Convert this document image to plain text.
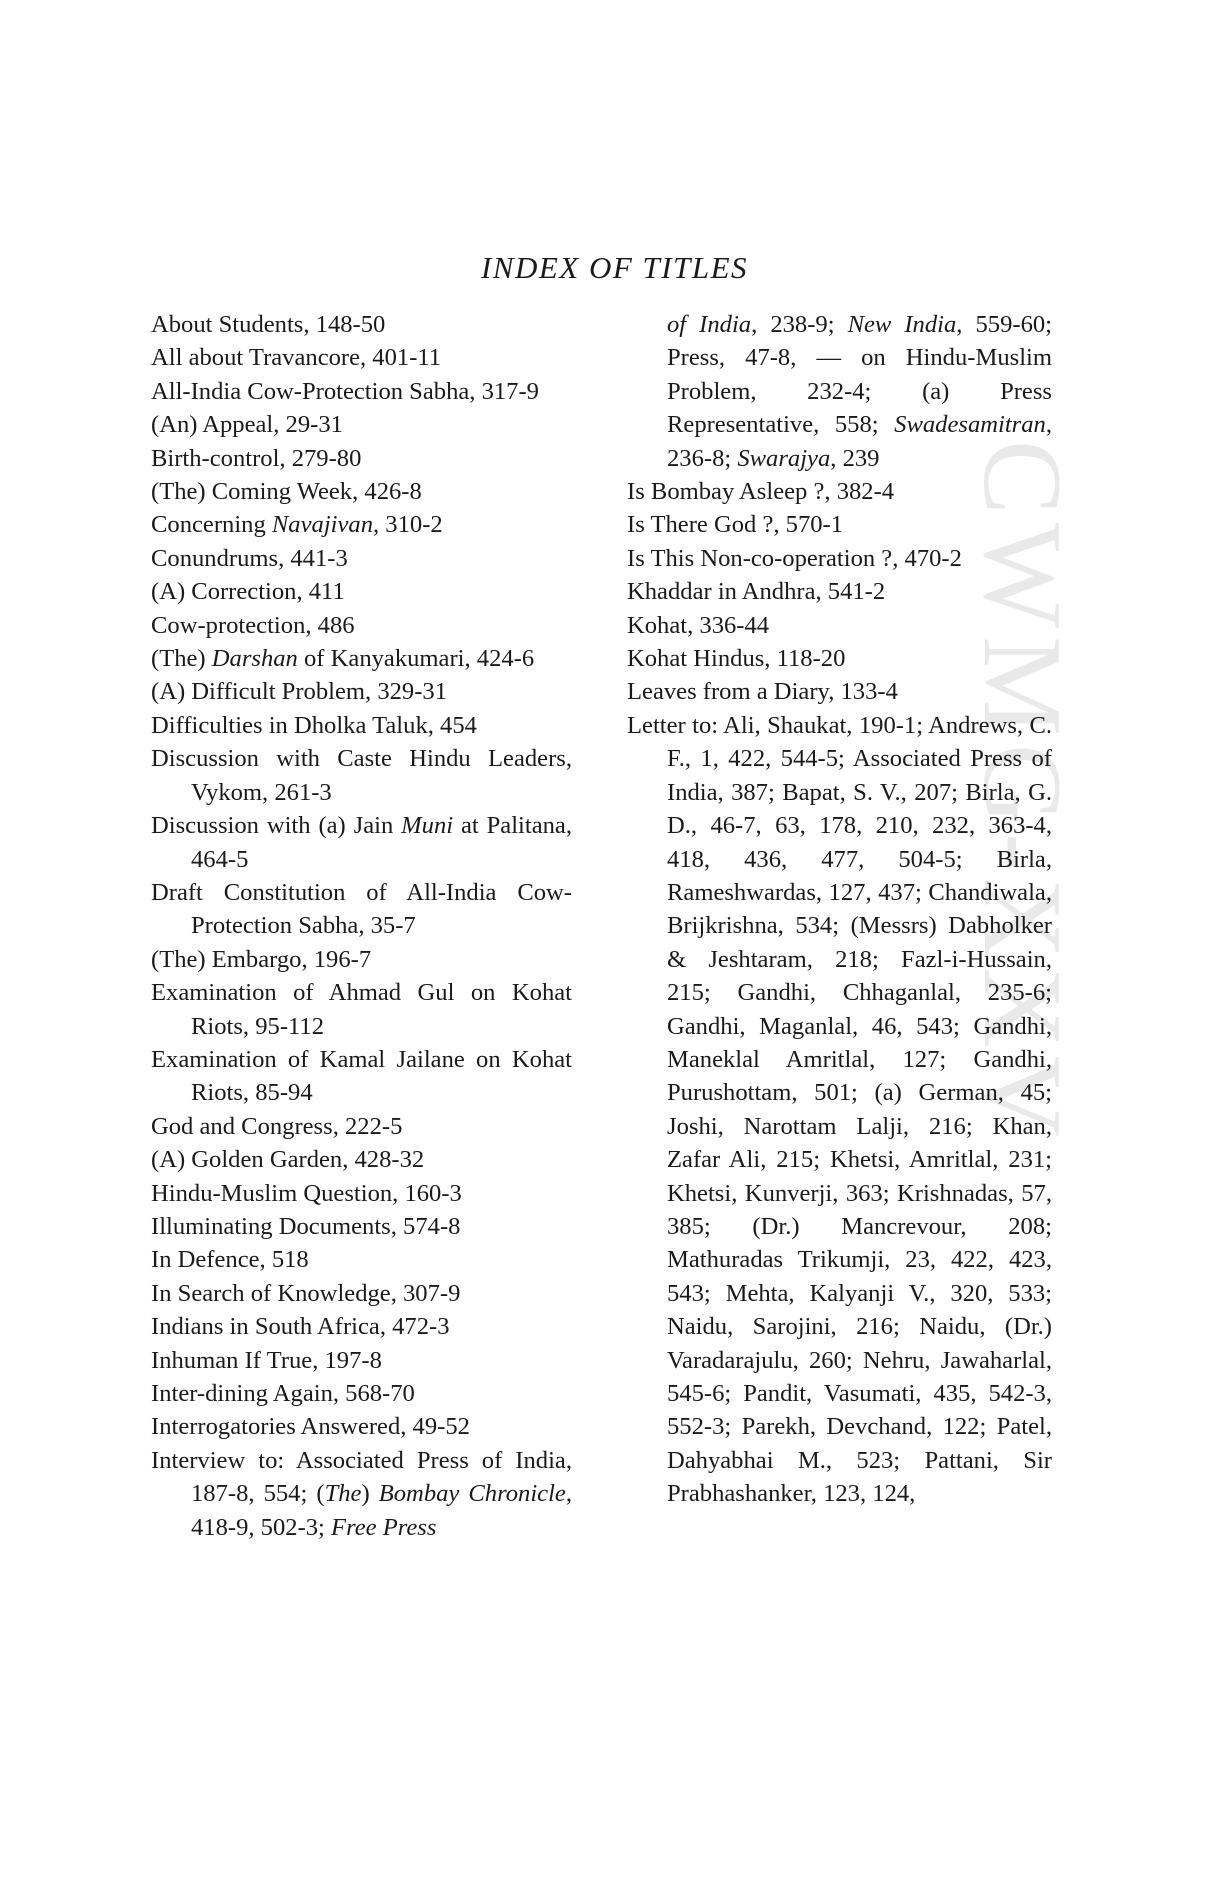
CWMG-XXV
INDEX OF TITLES

About Students, 148-50

All about Travancore, 401-11

All-India Cow-Protection Sabha, 317-9

(An) Appeal, 29-31

Birth-control, 279-80

(The) Coming Week, 426-8

Concerning Navajivan, 310-2

Conundrums, 441-3

(A) Correction, 411

Cow-protection, 486

(The) Darshan of Kanyakumari, 424-6

(A) Difficult Problem, 329-31

Difficulties in Dholka Taluk, 454

Discussion with Caste Hindu Leaders, Vykom, 261-3

Discussion with (a) Jain Muni at Palitana, 464-5

Draft Constitution of All-India Cow-Protection Sabha, 35-7

(The) Embargo, 196-7

Examination of Ahmad Gul on Kohat Riots, 95-112

Examination of Kamal Jailane on Kohat Riots, 85-94

God and Congress, 222-5

(A) Golden Garden, 428-32

Hindu-Muslim Question, 160-3

Illuminating Documents, 574-8

In Defence, 518

In Search of Knowledge, 307-9

Indians in South Africa, 472-3

Inhuman If True, 197-8

Inter-dining Again, 568-70

Interrogatories Answered, 49-52

Interview to: Associated Press of India, 187-8, 554; (The) Bombay Chronicle, 418-9, 502-3; Free Press

of India, 238-9; New India, 559-60; Press, 47-8, — on Hindu-Muslim Problem, 232-4; (a) Press Representative, 558; Swadesamitran, 236-8; Swarajya, 239

Is Bombay Asleep ?, 382-4

Is There God ?, 570-1

Is This Non-co-operation ?, 470-2

Khaddar in Andhra, 541-2

Kohat, 336-44

Kohat Hindus, 118-20

Leaves from a Diary, 133-4

Letter to: Ali, Shaukat, 190-1; Andrews, C. F., 1, 422, 544-5; Associated Press of India, 387; Bapat, S. V., 207; Birla, G. D., 46-7, 63, 178, 210, 232, 363-4, 418, 436, 477, 504-5; Birla, Rameshwardas, 127, 437; Chandiwala, Brijkrishna, 534; (Messrs) Dabholker & Jeshtaram, 218; Fazl-i-Hussain, 215; Gandhi, Chhaganlal, 235-6; Gandhi, Maganlal, 46, 543; Gandhi, Maneklal Amritlal, 127; Gandhi, Purushottam, 501; (a) German, 45; Joshi, Narottam Lalji, 216; Khan, Zafar Ali, 215; Khetsi, Amritlal, 231; Khetsi, Kunverji, 363; Krishnadas, 57, 385; (Dr.) Mancrevour, 208; Mathuradas Trikumji, 23, 422, 423, 543; Mehta, Kalyanji V., 320, 533; Naidu, Sarojini, 216; Naidu, (Dr.) Varadarajulu, 260; Nehru, Jawaharlal, 545-6; Pandit, Vasumati, 435, 542-3, 552-3; Parekh, Devchand, 122; Patel, Dahyabhai M., 523; Pattani, Sir Prabhashanker, 123, 124,
